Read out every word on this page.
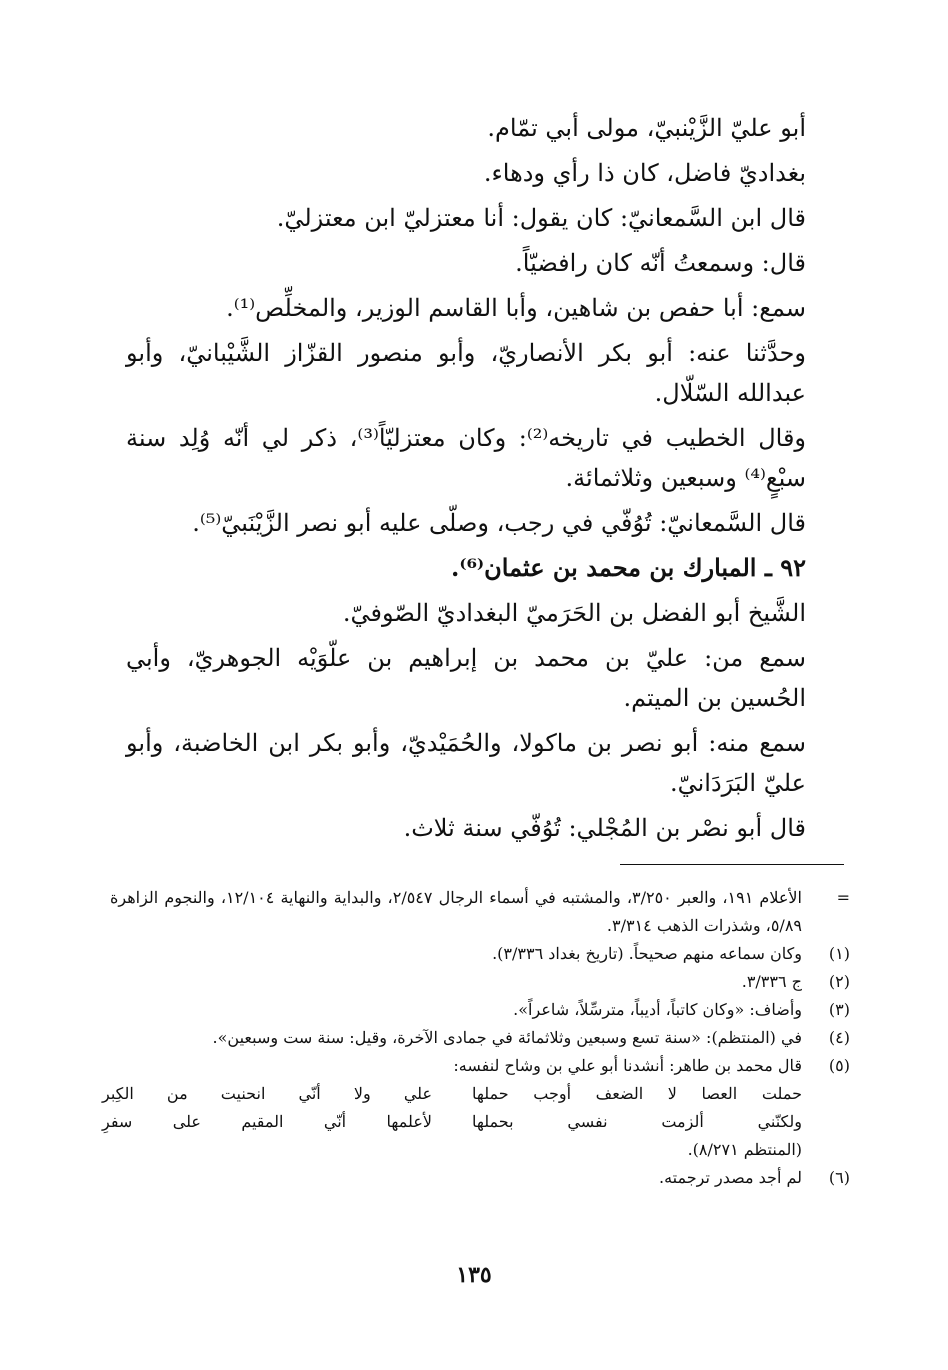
أبو عليّ الزَّيْنبيّ، مولى أبي تمّام.

بغداديّ فاضل، كان ذا رأي ودهاء.

قال ابن السَّمعانيّ: كان يقول: أنا معتزليّ ابن معتزليّ.

قال: وسمعتُ أنّه كان رافضيّاً.

سمع: أبا حفص بن شاهين، وأبا القاسم الوزير، والمخلِّص⁽¹⁾.

وحدَّثنا عنه: أبو بكر الأنصاريّ، وأبو منصور القزّاز الشَّيْبانيّ، وأبو عبدالله السّلّال.

وقال الخطيب في تاريخه⁽²⁾: وكان معتزليّاً⁽³⁾، ذكر لي أنّه وُلِد سنة سبْعٍ⁽⁴⁾ وسبعين وثلاثمائة.

قال السَّمعانيّ: تُوُفّي في رجب، وصلّى عليه أبو نصر الزَّيْنَبيّ⁽⁵⁾.

٩٢ ـ المبارك بن محمد بن عثمان⁽⁶⁾.

الشَّيخ أبو الفضل بن الحَرَميّ البغداديّ الصّوفيّ.

سمع من: عليّ بن محمد بن إبراهيم بن علّوَيْه الجوهريّ، وأبي الحُسين بن الميتم.

سمع منه: أبو نصر بن ماكولا، والحُمَيْديّ، وأبو بكر ابن الخاضبة، وأبو عليّ البَرَدَانيّ.

قال أبو نصْر بن المُجْلي: تُوُفّي سنة ثلاث.

=
الأعلام ١٩١، والعبر ٣/٢٥٠، والمشتبه في أسماء الرجال ٢/٥٤٧، والبداية والنهاية ١٢/١٠٤، والنجوم الزاهرة ٥/٨٩، وشذرات الذهب ٣/٣١٤.
(١)
وكان سماعه منهم صحيحاً. (تاريخ بغداد ٣/٣٣٦).
(٢)
ج ٣/٣٣٦.
(٣)
وأضاف: «وكان كاتباً، أديباً، مترسِّلاً، شاعراً».
(٤)
في (المنتظم): «سنة تسع وسبعين وثلاثمائة في جمادى الآخرة، وقيل: سنة ست وسبعين».
(٥)
قال محمد بن طاهر: أنشدنا أبو علي بن وشاح لنفسه:
حملت العصا لا الضعف أوجب حملها
علي ولا أنّي انحنيت من الكِبر
ولكنّني ألزمت نفسي بحملها
لأعلمها أنّي المقيم على سفرِ
(المنتظم ٨/٢٧١).
(٦)
لم أجد مصدر ترجمته.
١٣٥
